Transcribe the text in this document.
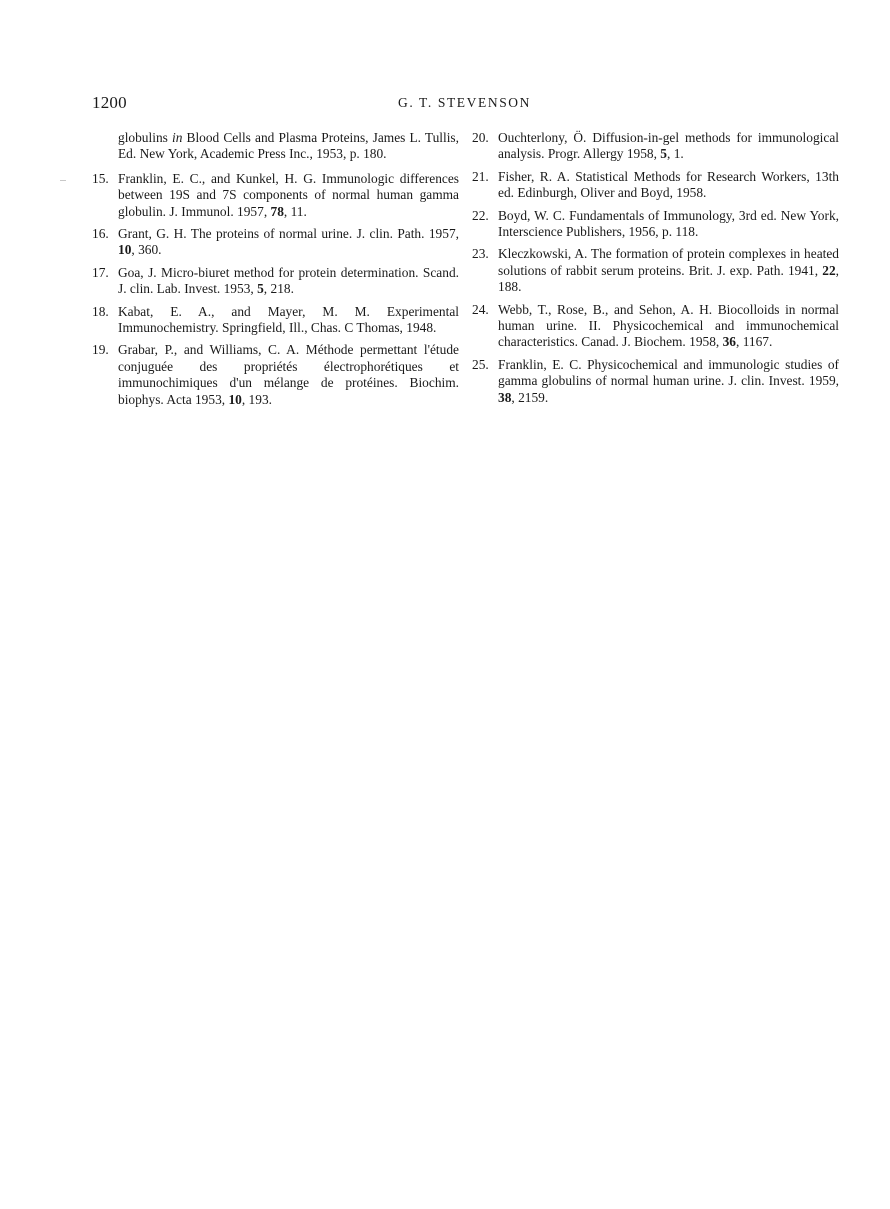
1200	G. T. STEVENSON
globulins in Blood Cells and Plasma Proteins, James L. Tullis, Ed. New York, Academic Press Inc., 1953, p. 180.
15. Franklin, E. C., and Kunkel, H. G. Immunologic differences between 19S and 7S components of normal human gamma globulin. J. Immunol. 1957, 78, 11.
16. Grant, G. H. The proteins of normal urine. J. clin. Path. 1957, 10, 360.
17. Goa, J. Micro-biuret method for protein determination. Scand. J. clin. Lab. Invest. 1953, 5, 218.
18. Kabat, E. A., and Mayer, M. M. Experimental Immunochemistry. Springfield, Ill., Chas. C Thomas, 1948.
19. Grabar, P., and Williams, C. A. Méthode permettant l'étude conjuguée des propriétés électrophorétiques et immunochimiques d'un mélange de protéines. Biochim. biophys. Acta 1953, 10, 193.
20. Ouchterlony, Ö. Diffusion-in-gel methods for immunological analysis. Progr. Allergy 1958, 5, 1.
21. Fisher, R. A. Statistical Methods for Research Workers, 13th ed. Edinburgh, Oliver and Boyd, 1958.
22. Boyd, W. C. Fundamentals of Immunology, 3rd ed. New York, Interscience Publishers, 1956, p. 118.
23. Kleczkowski, A. The formation of protein complexes in heated solutions of rabbit serum proteins. Brit. J. exp. Path. 1941, 22, 188.
24. Webb, T., Rose, B., and Sehon, A. H. Biocolloids in normal human urine. II. Physicochemical and immunochemical characteristics. Canad. J. Biochem. 1958, 36, 1167.
25. Franklin, E. C. Physicochemical and immunologic studies of gamma globulins of normal human urine. J. clin. Invest. 1959, 38, 2159.
